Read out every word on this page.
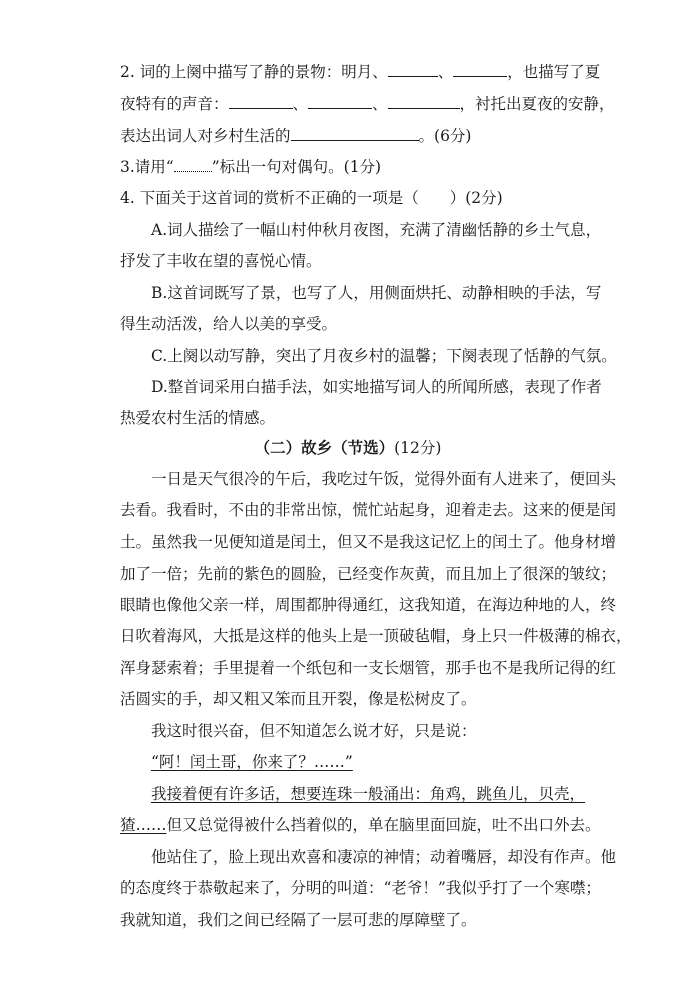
2. 词的上阕中描写了静的景物：明月、	、	，也描写了夏
夜特有的声音：	、	、	，衬托出夏夜的安静，
表达出词人对乡村生活的	。(6分)
3.请用“ ”标出一句对偶句。(1分)
4. 下面关于这首词的赏析不正确的一项是（　　）(2分)
A.词人描绘了一幅山村仲秋月夜图，充满了清幽恬静的乡土气息，
抒发了丰收在望的喜悦心情。
B.这首词既写了景，也写了人，用侧面烘托、动静相映的手法，写
得生动活泼，给人以美的享受。
C.上阕以动写静，突出了月夜乡村的温馨；下阕表现了恬静的气氛。
D.整首词采用白描手法，如实地描写词人的所闻所感，表现了作者
热爱农村生活的情感。
（二）故乡（节选）(12分)
一日是天气很冷的午后，我吃过午饭，觉得外面有人进来了，便回头
去看。我看时，不由的非常出惊，慌忙站起身，迎着走去。这来的便是闰
土。虽然我一见便知道是闰土，但又不是我这记忆上的闰土了。他身材增
加了一倍；先前的紫色的圆脸，已经变作灰黄，而且加上了很深的皱纹；
眼睛也像他父亲一样，周围都肿得通红，这我知道，在海边种地的人，终
日吹着海风，大抵是这样的他头上是一顶破毡帽，身上只一件极薄的棉衣，
浑身瑟索着；手里提着一个纸包和一支长烟管，那手也不是我所记得的红
活圆实的手，却又粗又笨而且开裂，像是松树皮了。
我这时很兴奋，但不知道怎么说才好，只是说：
“阿！闰土哥，你来了？……”
我接着便有许多话，想要连珠一般涌出：角鸡，跳鱼儿，贝壳，
猹……但又总觉得被什么挡着似的，单在脑里面回旋，吐不出口外去。
他站住了，脸上现出欢喜和凄凉的神情；动着嘴唇，却没有作声。他
的态度终于恭敬起来了，分明的叫道：“老爷！”我似乎打了一个寒噤；
我就知道，我们之间已经隔了一层可悲的厚障壁了。
